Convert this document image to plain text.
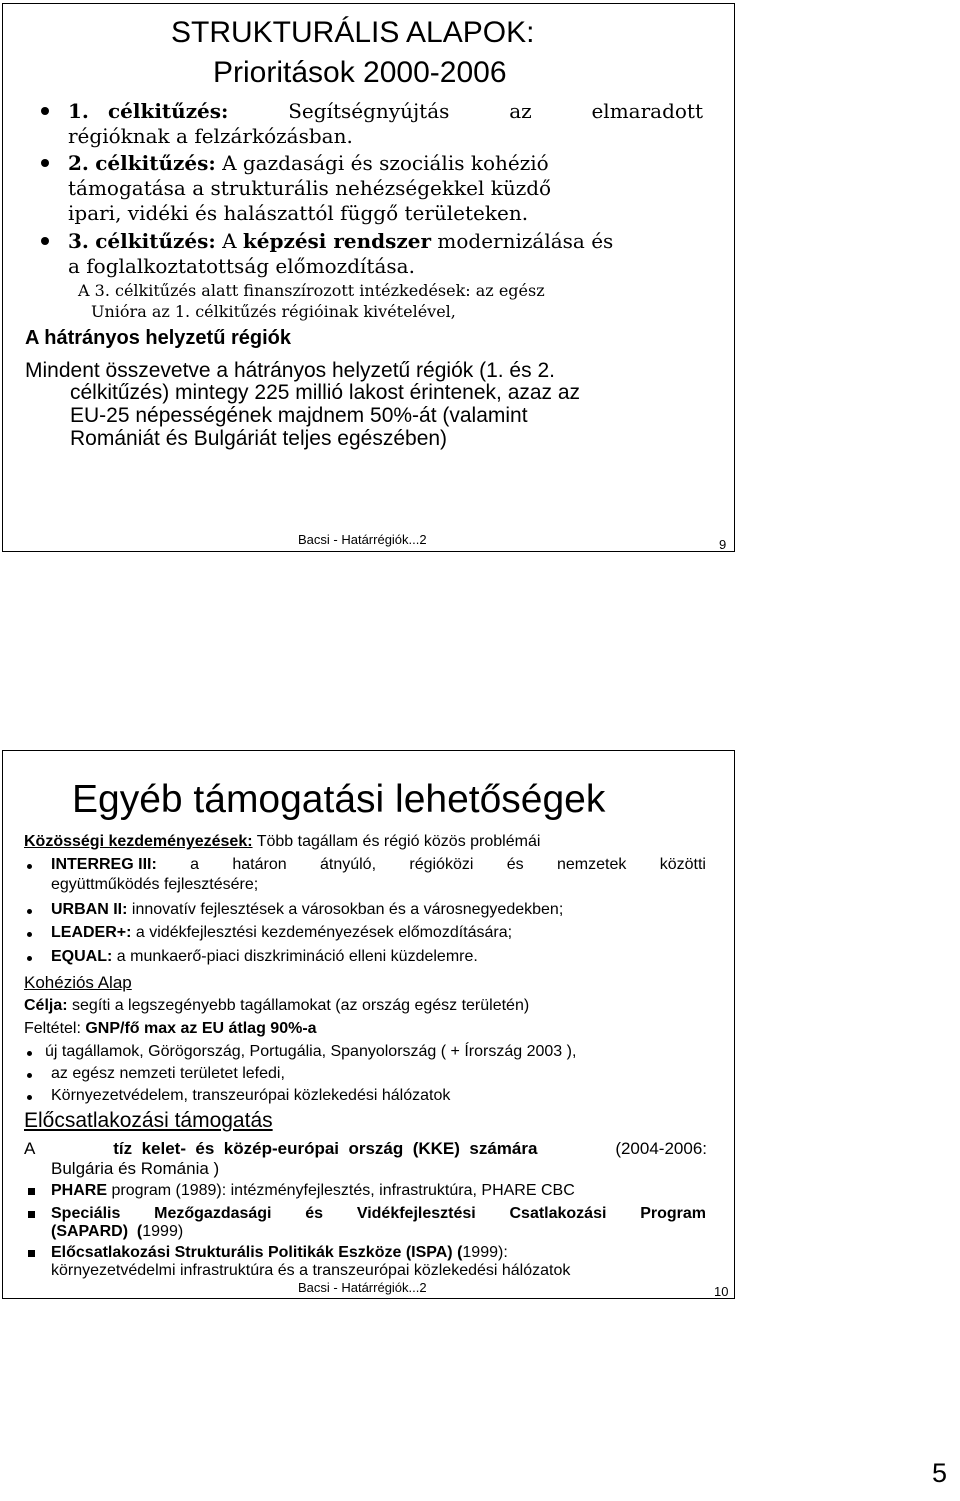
STRUKTURÁLIS ALAPOK:
Prioritások 2000-2006
1. célkitűzés:	Segítségnyújtás	az	elmaradott
régióknak a felzárkózásban.
2. célkitűzés: A gazdasági és szociális kohézió
támogatása a strukturális nehézségekkel küzdő
ipari, vidéki és halászattól függő területeken.
3. célkitűzés: A képzési rendszer modernizálása és
a foglalkoztatottság előmozdítása.
A 3. célkitűzés alatt finanszírozott intézkedések: az egész
Unióra az 1. célkitűzés régióinak kivételével,
A hátrányos helyzetű régiók
Mindent összevetve a hátrányos helyzetű régiók (1. és 2.
célkitűzés) mintegy 225 millió lakost érintenek, azaz az
EU-25 népességének majdnem 50%-át (valamint
Romániát és Bulgáriát teljes egészében)
Bacsi - Határrégiók...2	9
Egyéb támogatási lehetőségek
Közösségi kezdeményezések: Több tagállam és régió közös problémái
INTERREG III: a határon átnyúló, régióközi és nemzetek közötti
együttműködés fejlesztésére;
URBAN II: innovatív fejlesztések a városokban és a városnegyedekben;
LEADER+: a vidékfejlesztési kezdeményezések előmozdítására;
EQUAL: a munkaerő-piaci diszkrimináció elleni küzdelemre.
Kohéziós Alap
Célja: segíti a legszegényebb tagállamokat (az ország egész területén)
Feltétel: GNP/fő max az EU átlag 90%-a
új tagállamok, Görögország, Portugália, Spanyolország ( + Írország 2003 ),
az egész nemzeti területet lefedi,
Környezetvédelem, transzeurópai közlekedési hálózatok
Előcsatlakozási támogatás
A	tíz  kelet-  és  közép-európai  ország  (KKE)  számára	(2004-2006:
Bulgária és Románia )
PHARE program (1989): intézményfejlesztés, infrastruktúra, PHARE CBC
Speciális Mezőgazdasági és Vidékfejlesztési Csatlakozási Program
(SAPARD)  (1999)
Előcsatlakozási Strukturális Politikák Eszköze (ISPA) (1999):
környezetvédelmi infrastruktúra és a transzeurópai közlekedési hálózatok
Bacsi - Határrégiók...2	10
5
